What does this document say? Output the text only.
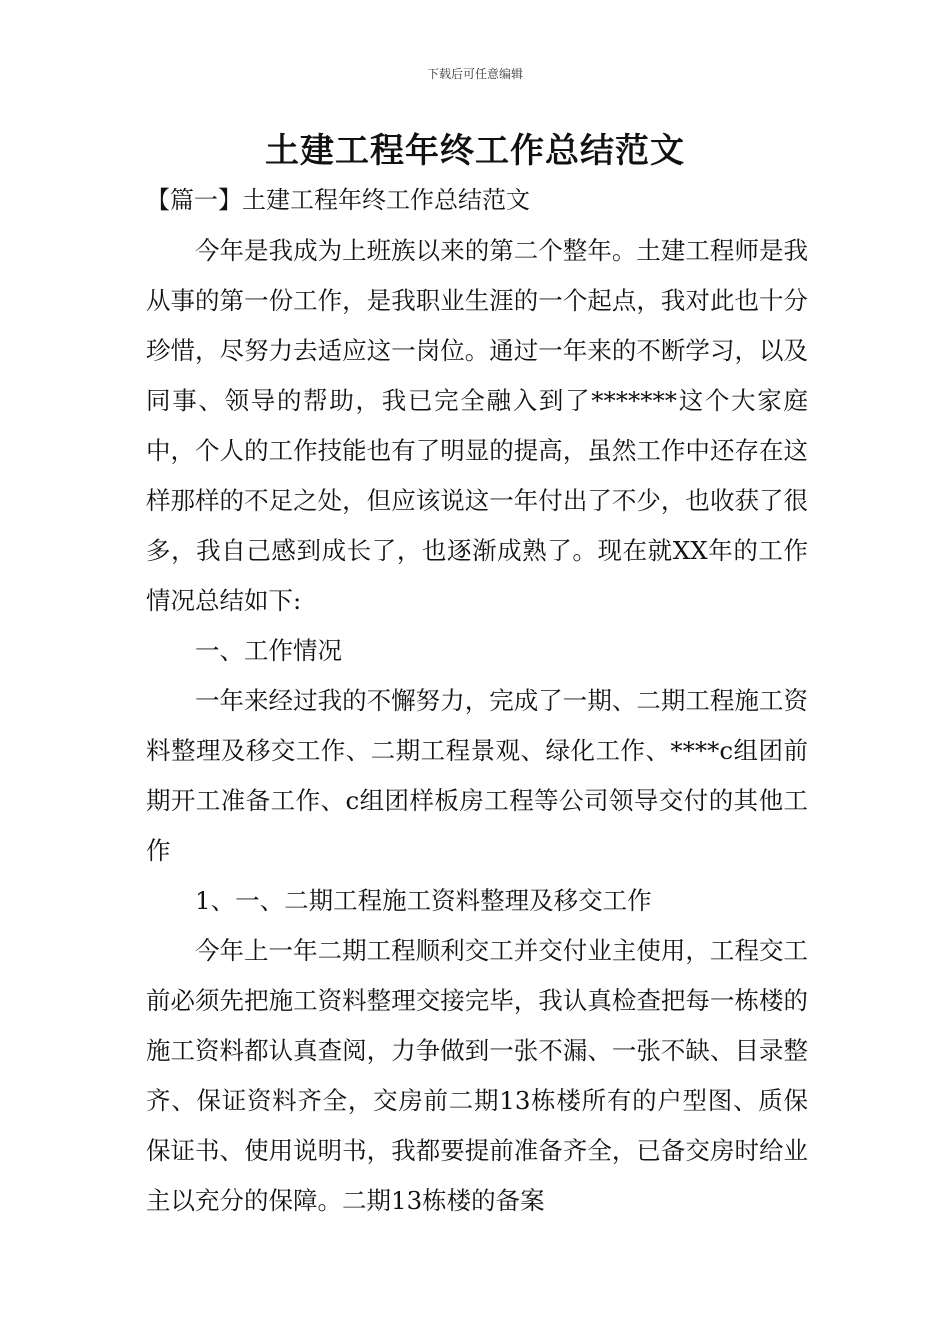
下载后可任意编辑
土建工程年终工作总结范文
【篇一】土建工程年终工作总结范文

今年是我成为上班族以来的第二个整年。土建工程师是我从事的第一份工作，是我职业生涯的一个起点，我对此也十分珍惜，尽努力去适应这一岗位。通过一年来的不断学习，以及同事、领导的帮助，我已完全融入到了*******这个大家庭中，个人的工作技能也有了明显的提高，虽然工作中还存在这样那样的不足之处，但应该说这一年付出了不少，也收获了很多，我自己感到成长了，也逐渐成熟了。现在就XX年的工作情况总结如下:

一、工作情况

一年来经过我的不懈努力，完成了一期、二期工程施工资料整理及移交工作、二期工程景观、绿化工作、****c组团前期开工准备工作、c组团样板房工程等公司领导交付的其他工作

1、一、二期工程施工资料整理及移交工作

今年上一年二期工程顺利交工并交付业主使用，工程交工前必须先把施工资料整理交接完毕，我认真检查把每一栋楼的施工资料都认真查阅，力争做到一张不漏、一张不缺、目录整齐、保证资料齐全，交房前二期13栋楼所有的户型图、质保保证书、使用说明书，我都要提前准备齐全，已备交房时给业主以充分的保障。二期13栋楼的备案
